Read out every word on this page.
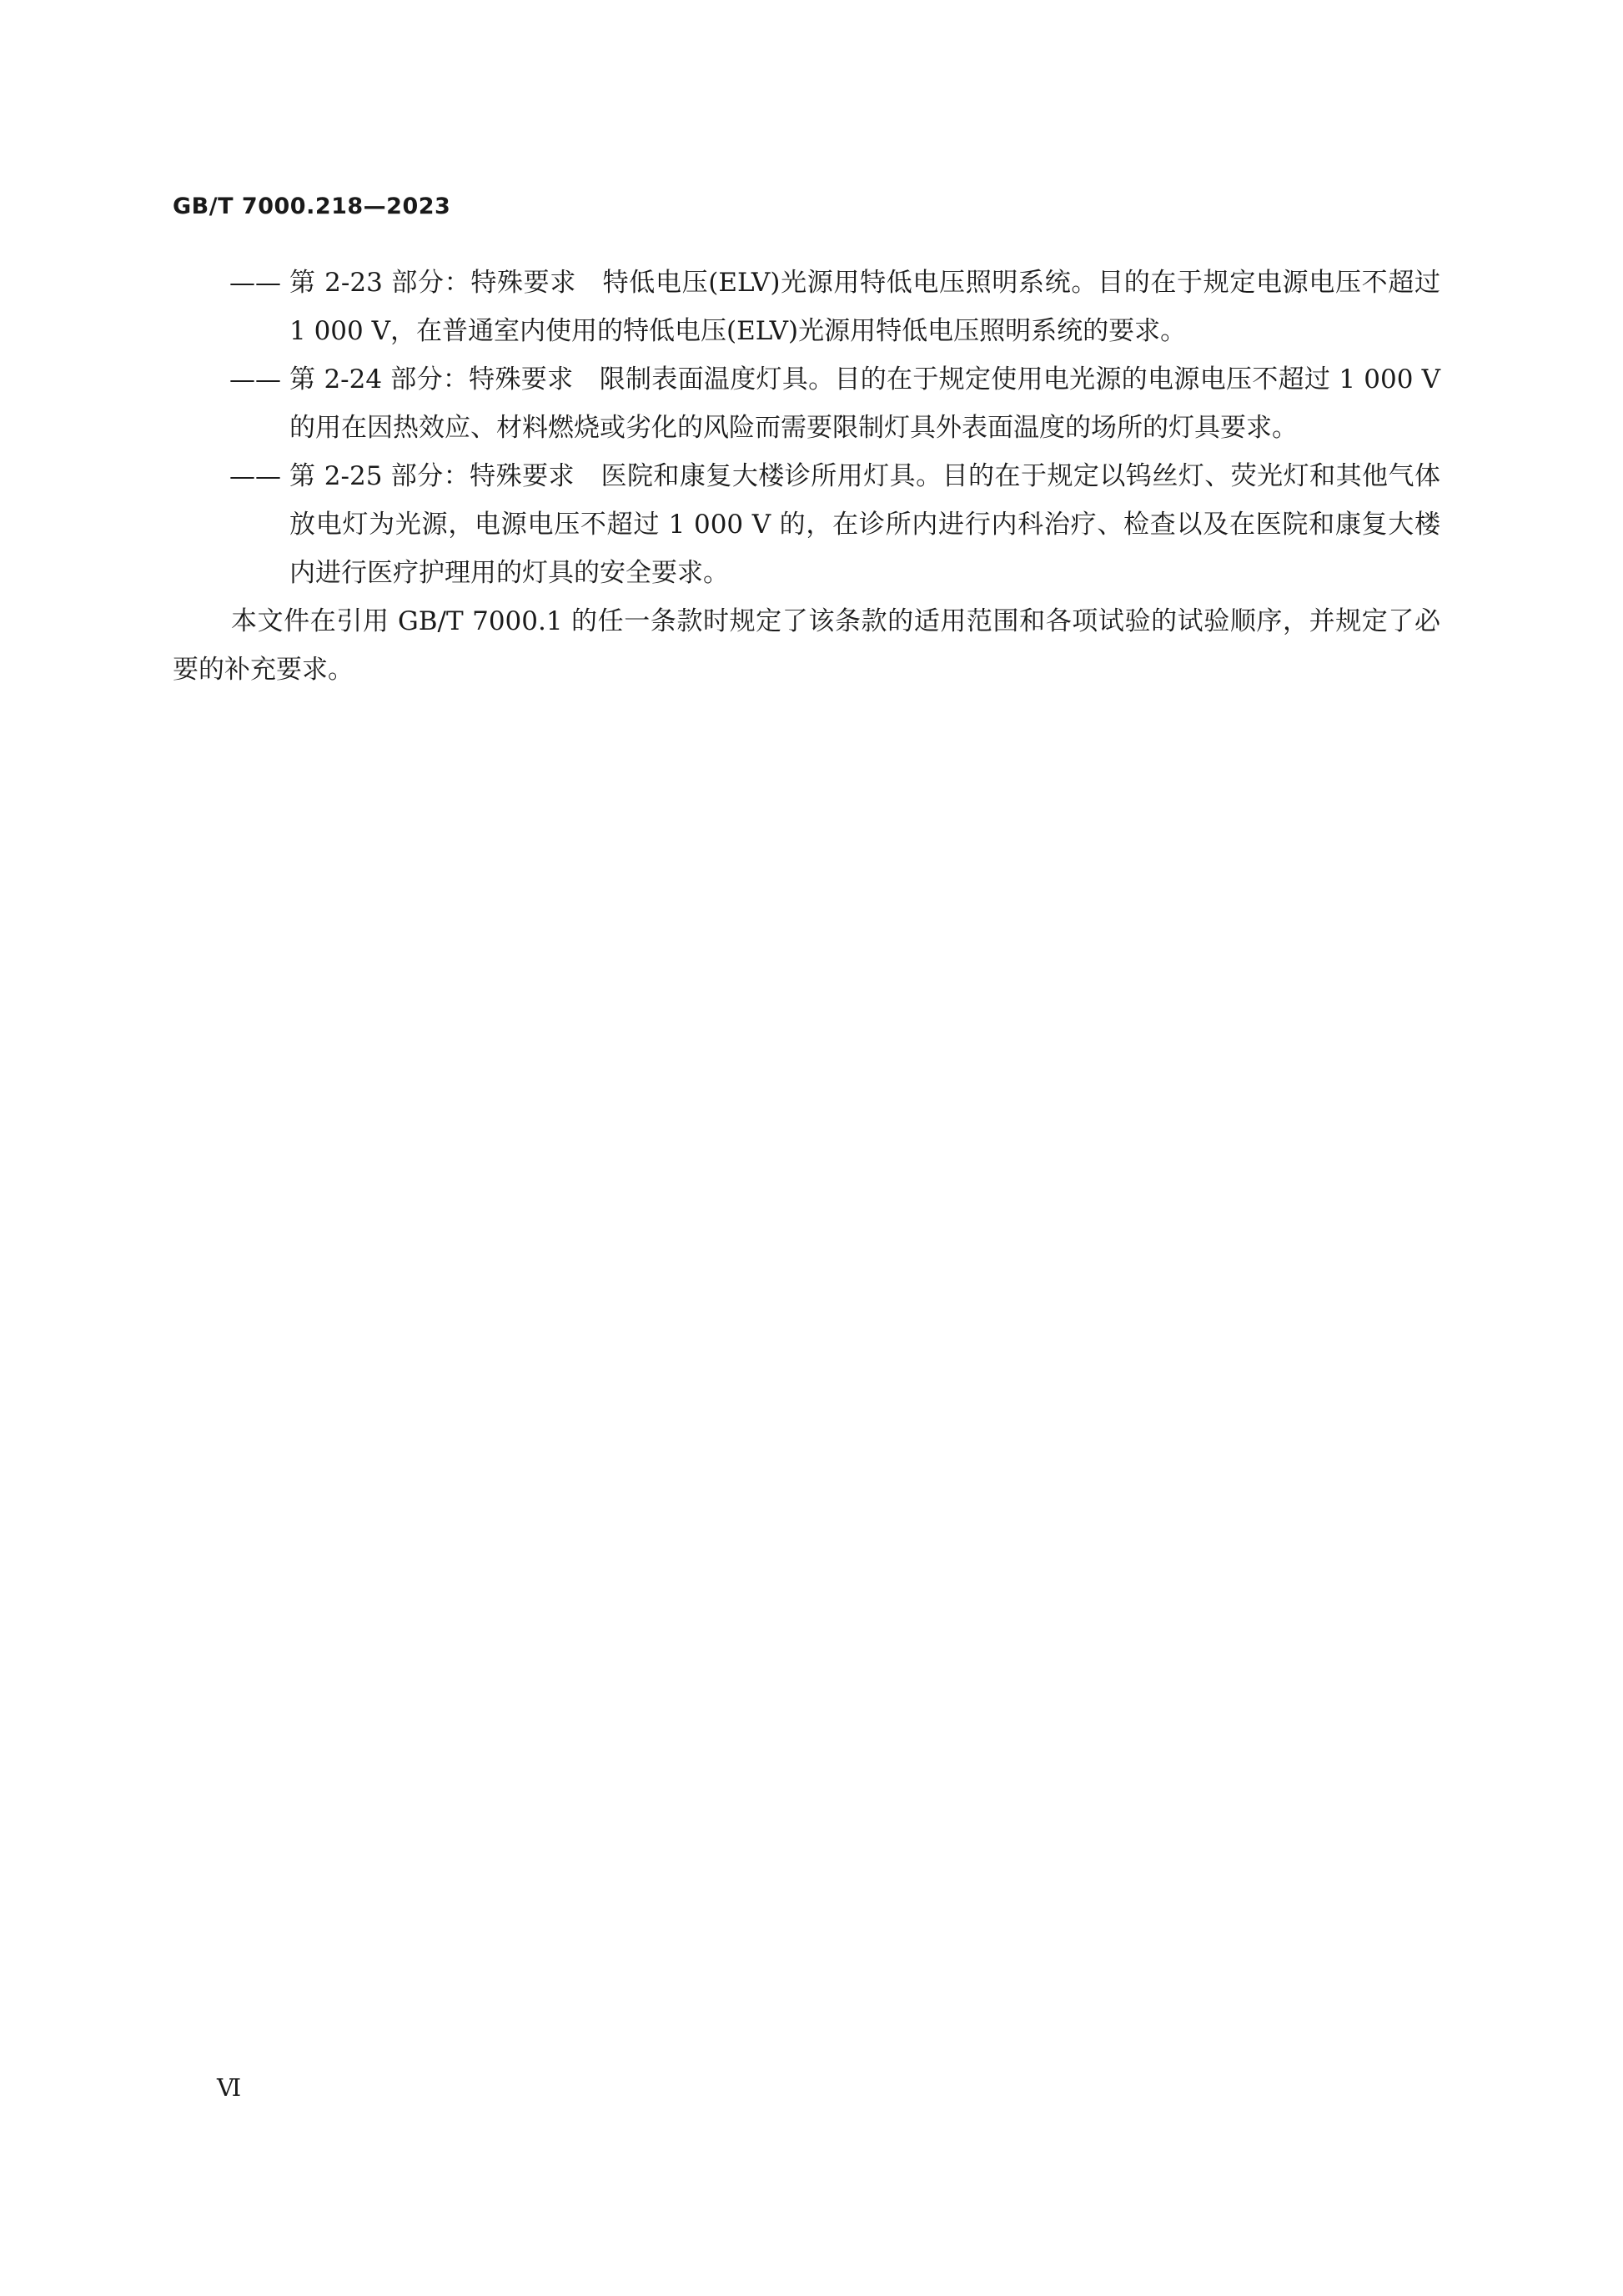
GB/T 7000.218—2023

—— 第 2-23 部分：特殊要求　特低电压(ELV)光源用特低电压照明系统。目的在于规定电源电压不超过 1 000 V，在普通室内使用的特低电压(ELV)光源用特低电压照明系统的要求。

—— 第 2-24 部分：特殊要求　限制表面温度灯具。目的在于规定使用电光源的电源电压不超过 1 000 V的用在因热效应、材料燃烧或劣化的风险而需要限制灯具外表面温度的场所的灯具要求。

—— 第 2-25 部分：特殊要求　医院和康复大楼诊所用灯具。目的在于规定以钨丝灯、荧光灯和其他气体放电灯为光源，电源电压不超过 1 000 V 的，在诊所内进行内科治疗、检查以及在医院和康复大楼内进行医疗护理用的灯具的安全要求。

本文件在引用 GB/T 7000.1 的任一条款时规定了该条款的适用范围和各项试验的试验顺序，并规定了必要的补充要求。

Ⅵ
